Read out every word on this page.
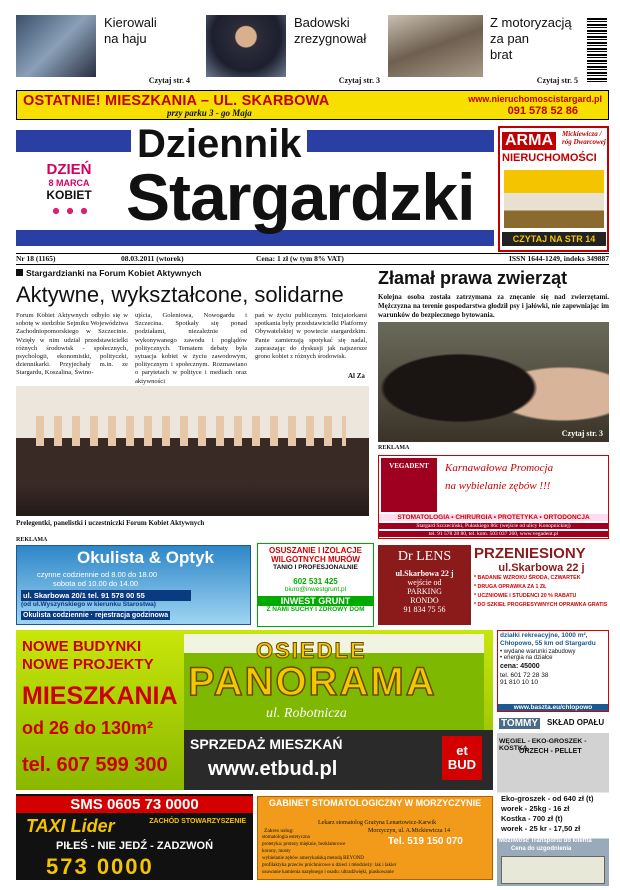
Kierowali
na haju
Czytaj str. 4
Badowski
zrezygnował
Czytaj str. 3
Z motoryzacją
za pan
brat
Czytaj str. 5
OSTATNIE! MIESZKANIA – UL. SKARBOWA
przy parku 3 - go Maja
www.nieruchomoscistargard.pl
091 578 52 86
Dziennik
Stargardzki
DZIEŃ
8 MARCA
KOBIET
ARMA	Mickiewicza / róg Dwarcowej
NIERUCHOMOŚCI
CZYTAJ NA STR 14
Nr 18 (1165)	08.03.2011 (wtorek)	Cena: 1 zł (w tym 8% VAT)	ISSN 1644-1249, indeks 349887
Stargardzianki na Forum Kobiet Aktywnych
Aktywne, wykształcone, solidarne
Forum Kobiet Aktywnych odbyło się w sobotę w siedzibie Sejmiku Województwa Zachodniopomorskiego w Szczecinie. Wzięły w nim udział przedstawicielki różnych środowisk - społecznych, psychologii, ekonomistki, polityczki, dziennikarki. Przyjechały m.in. ze Stargardu, Koszalina, Świno-
ujścia, Goleniowa, Nowogardu i Szczecina. Spotkały się ponad podziałami, niezależnie od wykonywanego zawodu i poglądów politycznych. Tematem debaty była sytuacja kobiet w życiu zawodowym, politycznym i społecznym. Rozmawiano o parytetach w polityce i mediach oraz aktywności
pań w życiu publicznym. Inicjatorkami spotkania były przedstawicielki Platformy Obywatelskiej w powiecie stargardzkim. Panie zamierzają spotykać się nadal, zapraszając do dyskusji jak najszersze grono kobiet z różnych środowisk.
Al Za
Prelegentki, panelistki i uczestniczki Forum Kobiet Aktywnych
Złamał prawa zwierząt
Kolejna osoba została zatrzymana za znęcanie się nad zwierzętami. Mężczyzna na terenie gospodarstwa głodził psy i jałówki, nie zapewniając im warunków do bezpiecznego bytowania.
Czytaj str. 3
REKLAMA
VEGADENT	Karnawałowa Promocja
na wybielanie zębów !!!
STOMATOLOGIA • CHIRURGIA • PROTETYKA • ORTODONCJA
Stargard Szczeciński, Pułaskiego 86c (wejście od ulicy Konopnickiej)
tel. 91 578 28 80, tel. kom. 503 037 260, www.vegadent.pl
REKLAMA
Okulista & Optyk
czynne codziennie od 8.00 do 18.00
sobota od 10.00 do 14.00
ul. Skarbowa 20/1 tel. 91 578 00 55
(od ul.Wyszyńskiego w kierunku Starostwa)
Okulista codziennie · rejestracja godzinowa
OSUSZANIE I IZOLACJE WILGOTNYCH MURÓW
TANIO I PROFESJONALNIE
602 531 425
biuro@inwestgrunt.pl
INWEST GRUNT
Z NAMI SUCHY I ZDROWY DOM
Dr LENS
ul.Skarbowa 22 j
wejście od
PARKING
RONDO
91 834 75 56
PRZENIESIONY
ul.Skarbowa 22 j
* BADANIE WZROKU ŚRODA, CZWARTEK
* DRUGA OPRAWKA ZA 1 ZŁ
* UCZNIOWIE I STUDENCI 20 % RABATU
* DO SZKIEŁ PROGRESYWNYCH OPRAWKA GRATIS
NOWE BUDYNKI
NOWE PROJEKTY
MIESZKANIA
od 26 do 130m²
tel. 607 599 300
OSIEDLE
PANORAMA
ul. Robotnicza
SPRZEDAŻ MIESZKAŃ
www.etbud.pl
et BUD
działki rekreacyjne, 1000 m²,
Chłopowo, 55 km od Stargardu
• wydane warunki zabudowy
• energia na działce
cena: 45000
tel. 601 72 28 38
91 810 10 10
www.baszta.eu/chlopowo
TOMMY SKŁAD OPAŁU
WĘGIEL - EKO-GROSZEK - KOSTKA
ORZECH - PELLET
Eko-groszek - od 640 zł (t)
worek - 25kg - 16 zł
Kostka - 700 zł (t)
worek - 25 kr - 17,50 zł
Możliwość Transportu do klienta
Cena do uzgodnienia
SMS 0605 73 0000
TAXI Lider	ZACHÓD STOWARZYSZENIE
PIŁEŚ - NIE JEDŹ - ZADZWOŃ
573 0000
GABINET STOMATOLOGICZNY W MORZYCZYNIE
Lekarz stomatolog Grażyna Lenartowicz-Karwik
Morzyczyn, ul. A.Mickiewicza 14
Tel. 519 150 070
Zakres usług:
stomatologia estetyczna
protetyka: protezy mięknie, bezklamrowe
korony, mosty
wybielanie zębów amerykańską metodą BEYOND
profilaktyka przeciw próchnicowe u dzieci i młodzieży: lak i lakier
usuwanie kamienia nazębnego i osadu: ultradźwięki, piaskowanie
